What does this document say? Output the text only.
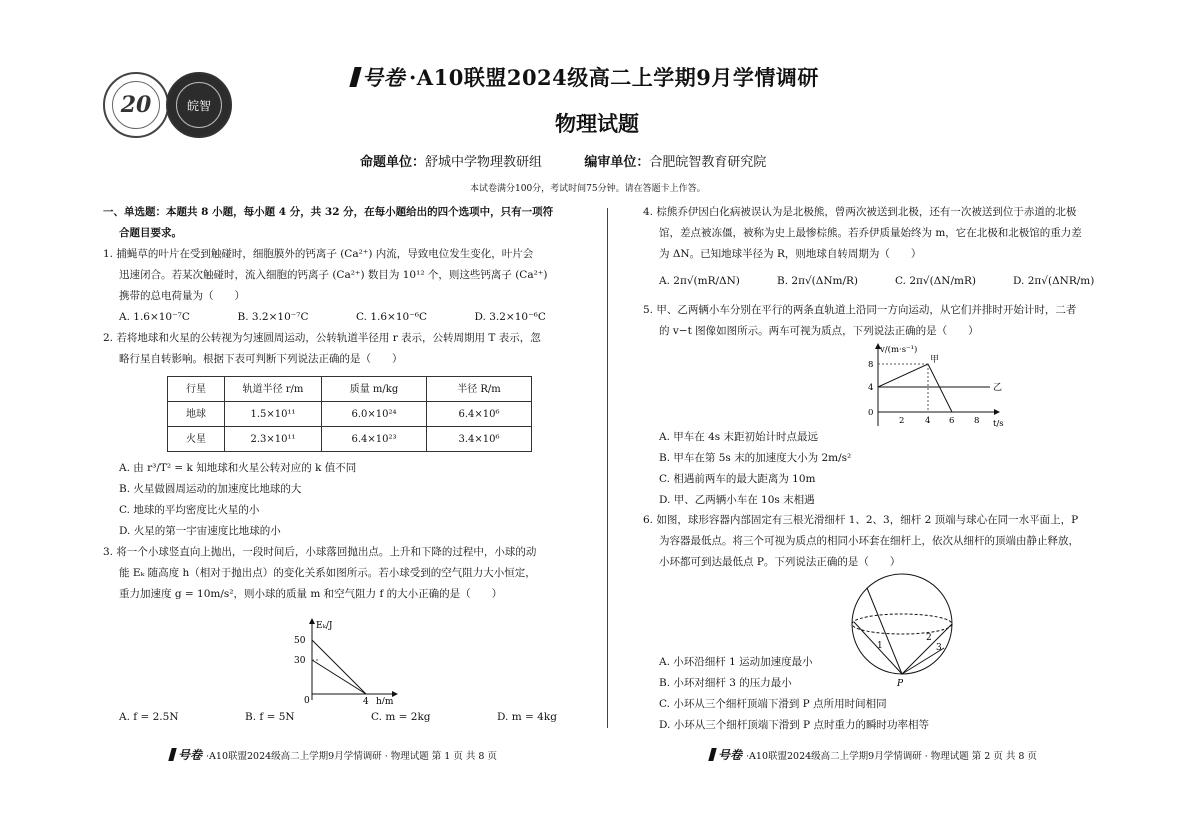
20	皖智
号卷 ·A10联盟2024级高二上学期9月学情调研
物理试题
命题单位：舒城中学物理教研组	编审单位：合肥皖智教育研究院
本试卷满分100分，考试时间75分钟。请在答题卡上作答。

一、单选题：本题共 8 小题，每小题 4 分，共 32 分，在每小题给出的四个选项中，只有一项符

合题目要求。

1. 捕蝇草的叶片在受到触碰时，细胞膜外的钙离子 (Ca²⁺) 内流，导致电位发生变化，叶片会

迅速闭合。若某次触碰时，流入细胞的钙离子 (Ca²⁺) 数目为 10¹² 个，则这些钙离子 (Ca²⁺)

携带的总电荷量为（　　）

A. 1.6×10⁻⁷C	B. 3.2×10⁻⁷C	C. 1.6×10⁻⁶C	D. 3.2×10⁻⁶C

2. 若将地球和火星的公转视为匀速圆周运动，公转轨道半径用 r 表示，公转周期用 T 表示，忽

略行星自转影响。根据下表可判断下列说法正确的是（　　）

行星	轨道半径 r/m	质量 m/kg	半径 R/m
地球	1.5×10¹¹	6.0×10²⁴	6.4×10⁶
火星	2.3×10¹¹	6.4×10²³	3.4×10⁶

A. 由 r³/T² = k 知地球和火星公转对应的 k 值不同

B. 火星做圆周运动的加速度比地球的大

C. 地球的平均密度比火星的小

D. 火星的第一宇宙速度比地球的小

3. 将一个小球竖直向上抛出，一段时间后，小球落回抛出点。上升和下降的过程中，小球的动

能 Eₖ 随高度 h（相对于抛出点）的变化关系如图所示。若小球受到的空气阻力大小恒定，

重力加速度 g = 10m/s²，则小球的质量 m 和空气阻力 f 的大小正确的是（　　）

Eₖ/J
50
30
0	4 h/m
A. f = 2.5N	B. f = 5N	C. m = 2kg	D. m = 4kg

4. 棕熊乔伊因白化病被误认为是北极熊，曾两次被送到北极，还有一次被送到位于赤道的北极

馆，差点被冻僵，被称为史上最惨棕熊。若乔伊质量始终为 m，它在北极和北极馆的重力差

为 ΔN。已知地球半径为 R，则地球自转周期为（　　）

A. 2π√(mR/ΔN)	B. 2π√(ΔNm/R)	C. 2π√(ΔN/mR)	D. 2π√(ΔNR/m)

5. 甲、乙两辆小车分别在平行的两条直轨道上沿同一方向运动，从它们并排时开始计时，二者

的 v−t 图像如图所示。两车可视为质点，下列说法正确的是（　　）

v/(m·s⁻¹)
8
4
0
2 4 6 8 t/s
甲
乙

A. 甲车在 4s 末距初始计时点最远

B. 甲车在第 5s 末的加速度大小为 2m/s²

C. 相遇前两车的最大距离为 10m

D. 甲、乙两辆小车在 10s 末相遇

6. 如图，球形容器内部固定有三根光滑细杆 1、2、3，细杆 2 顶端与球心在同一水平面上，P

为容器最低点。将三个可视为质点的相同小环套在细杆上，依次从细杆的顶端由静止释放，

小环都可到达最低点 P。下列说法正确的是（　　）

1
2
3
P

A. 小环沿细杆 1 运动加速度最小

B. 小环对细杆 3 的压力最小

C. 小环从三个细杆顶端下滑到 P 点所用时间相同

D. 小环从三个细杆顶端下滑到 P 点时重力的瞬时功率相等

号卷 ·A10联盟2024级高二上学期9月学情调研 · 物理试题 第 1 页 共 8 页	号卷 ·A10联盟2024级高二上学期9月学情调研 · 物理试题 第 2 页 共 8 页
